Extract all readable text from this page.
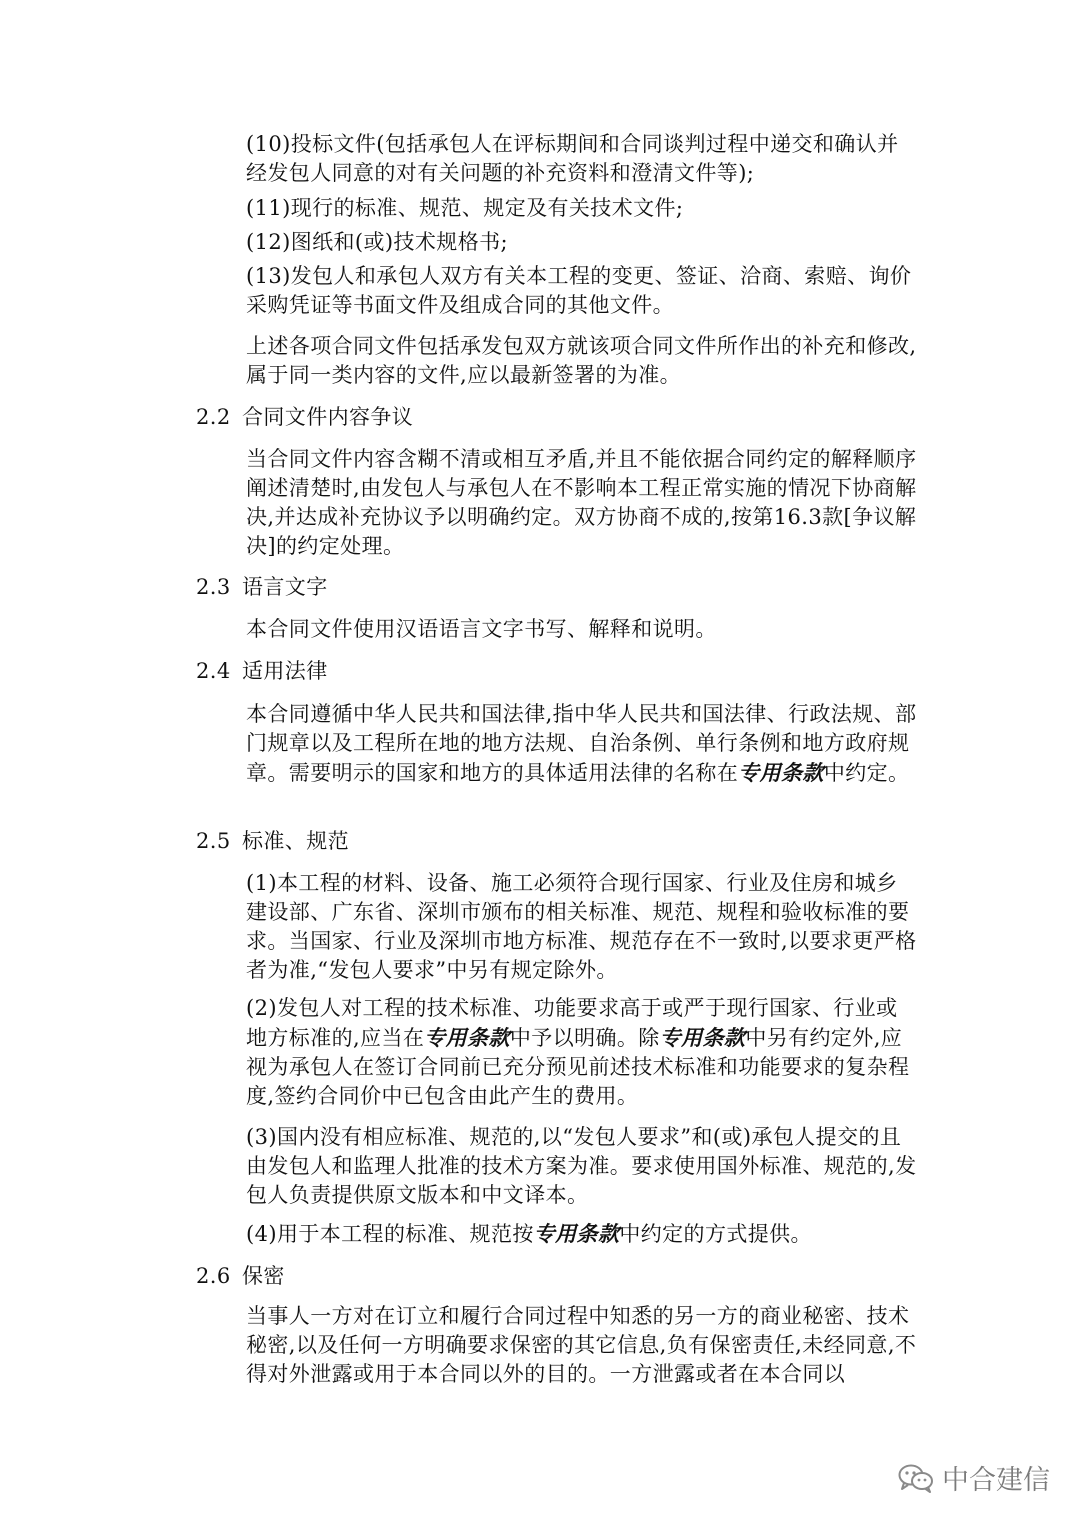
(10)投标文件(包括承包人在评标期间和合同谈判过程中递交和确认并经发包人同意的对有关问题的补充资料和澄清文件等);
(11)现行的标准、规范、规定及有关技术文件;
(12)图纸和(或)技术规格书;
(13)发包人和承包人双方有关本工程的变更、签证、洽商、索赔、询价采购凭证等书面文件及组成合同的其他文件。
上述各项合同文件包括承发包双方就该项合同文件所作出的补充和修改,属于同一类内容的文件,应以最新签署的为准。
2.2 合同文件内容争议
当合同文件内容含糊不清或相互矛盾,并且不能依据合同约定的解释顺序阐述清楚时,由发包人与承包人在不影响本工程正常实施的情况下协商解决,并达成补充协议予以明确约定。双方协商不成的,按第16.3款[争议解决]的约定处理。
2.3 语言文字
本合同文件使用汉语语言文字书写、解释和说明。
2.4 适用法律
本合同遵循中华人民共和国法律,指中华人民共和国法律、行政法规、部门规章以及工程所在地的地方法规、自治条例、单行条例和地方政府规章。需要明示的国家和地方的具体适用法律的名称在专用条款中约定。
2.5 标准、规范
(1)本工程的材料、设备、施工必须符合现行国家、行业及住房和城乡建设部、广东省、深圳市颁布的相关标准、规范、规程和验收标准的要求。当国家、行业及深圳市地方标准、规范存在不一致时,以要求更严格者为准,“发包人要求”中另有规定除外。
(2)发包人对工程的技术标准、功能要求高于或严于现行国家、行业或地方标准的,应当在专用条款中予以明确。除专用条款中另有约定外,应视为承包人在签订合同前已充分预见前述技术标准和功能要求的复杂程度,签约合同价中已包含由此产生的费用。
(3)国内没有相应标准、规范的,以“发包人要求”和(或)承包人提交的且由发包人和监理人批准的技术方案为准。要求使用国外标准、规范的,发包人负责提供原文版本和中文译本。
(4)用于本工程的标准、规范按专用条款中约定的方式提供。
2.6 保密
当事人一方对在订立和履行合同过程中知悉的另一方的商业秘密、技术秘密,以及任何一方明确要求保密的其它信息,负有保密责任,未经同意,不得对外泄露或用于本合同以外的目的。一方泄露或者在本合同以
中合建信
